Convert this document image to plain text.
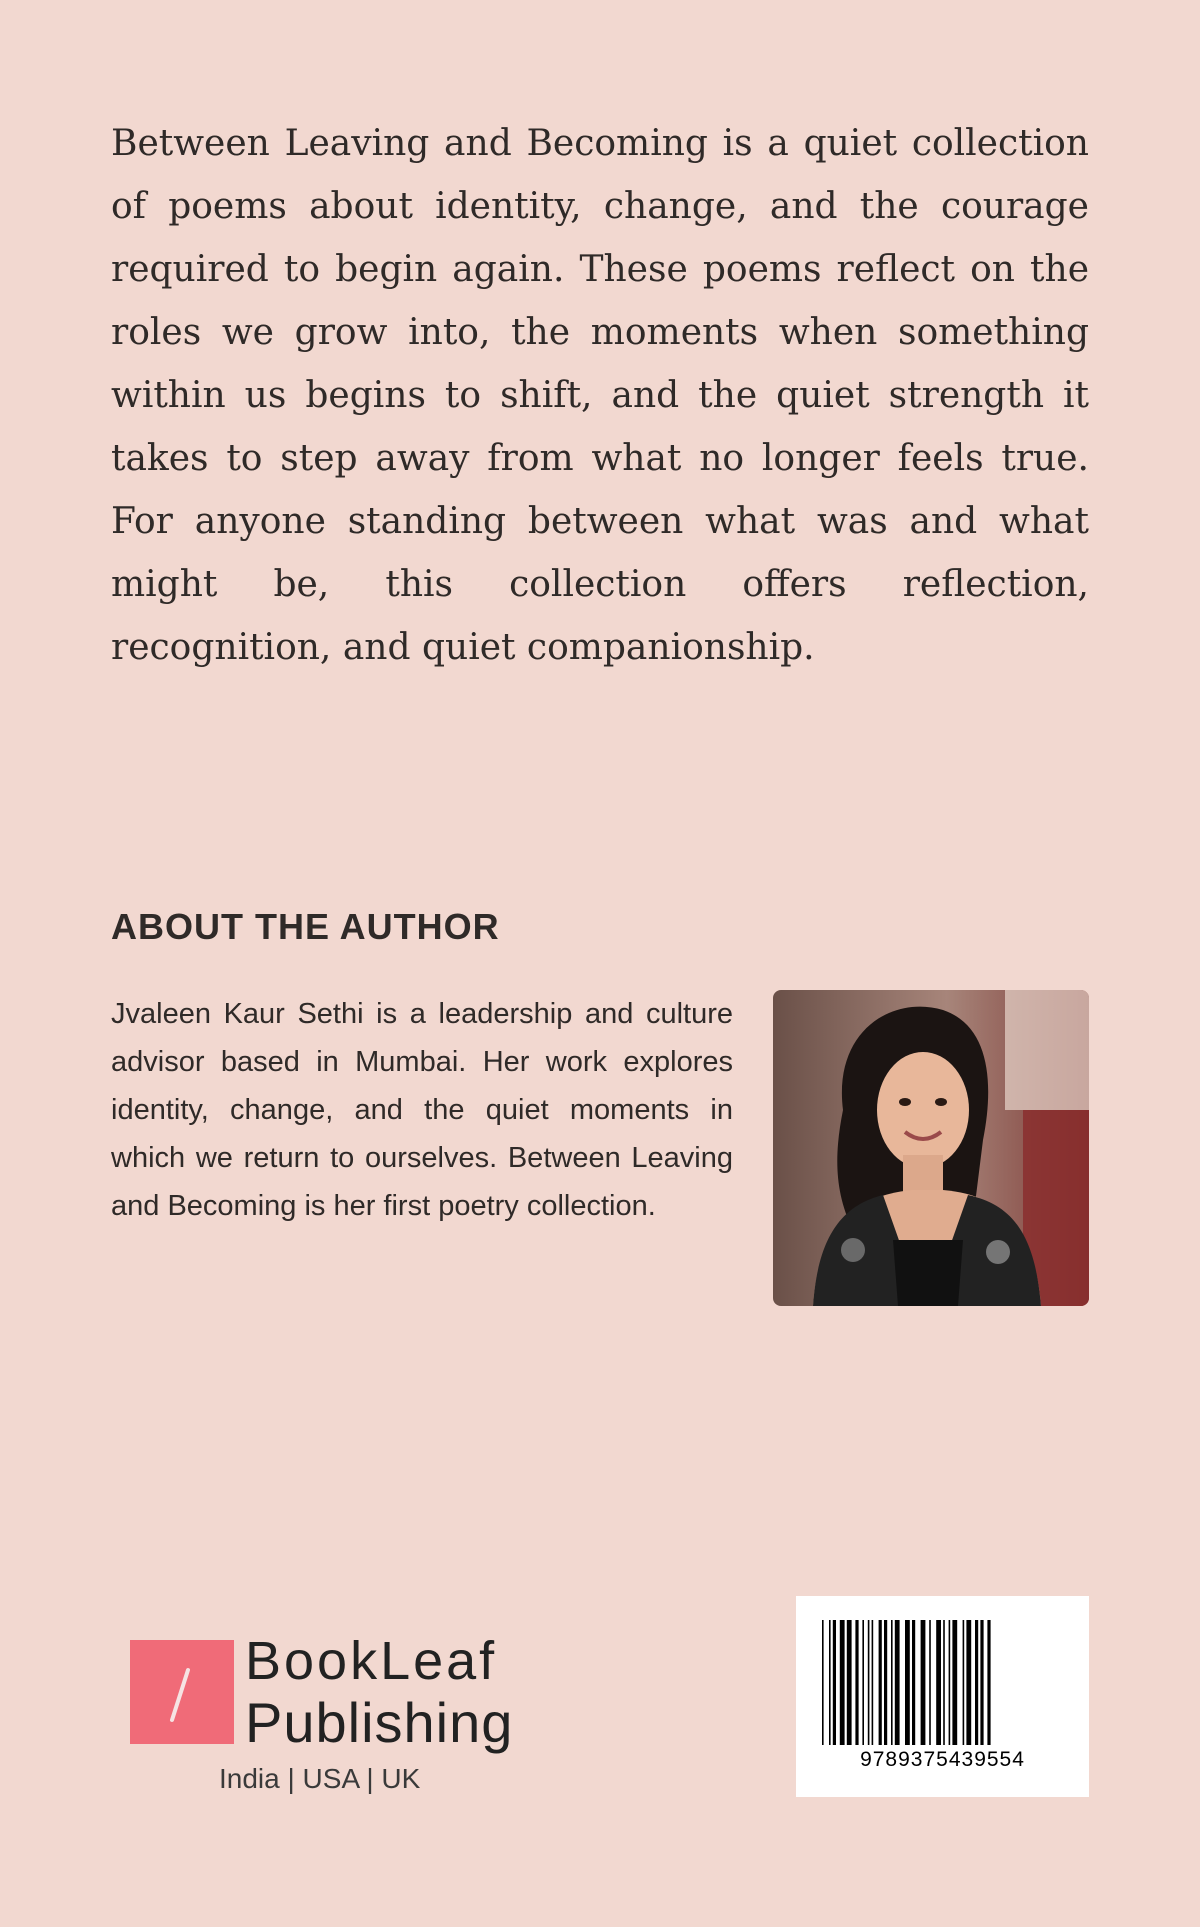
Between Leaving and Becoming is a quiet collection of poems about identity, change, and the courage required to begin again. These poems reflect on the roles we grow into, the moments when something within us begins to shift, and the quiet strength it takes to step away from what no longer feels true. For anyone standing between what was and what might be, this collection offers reflection, recognition, and quiet companionship.

ABOUT THE AUTHOR

Jvaleen Kaur Sethi is a leadership and culture advisor based in Mumbai. Her work explores identity, change, and the quiet moments in which we return to ourselves. Between Leaving and Becoming is her first poetry collection.

BookLeaf
Publishing
India | USA | UK
9789375439554
